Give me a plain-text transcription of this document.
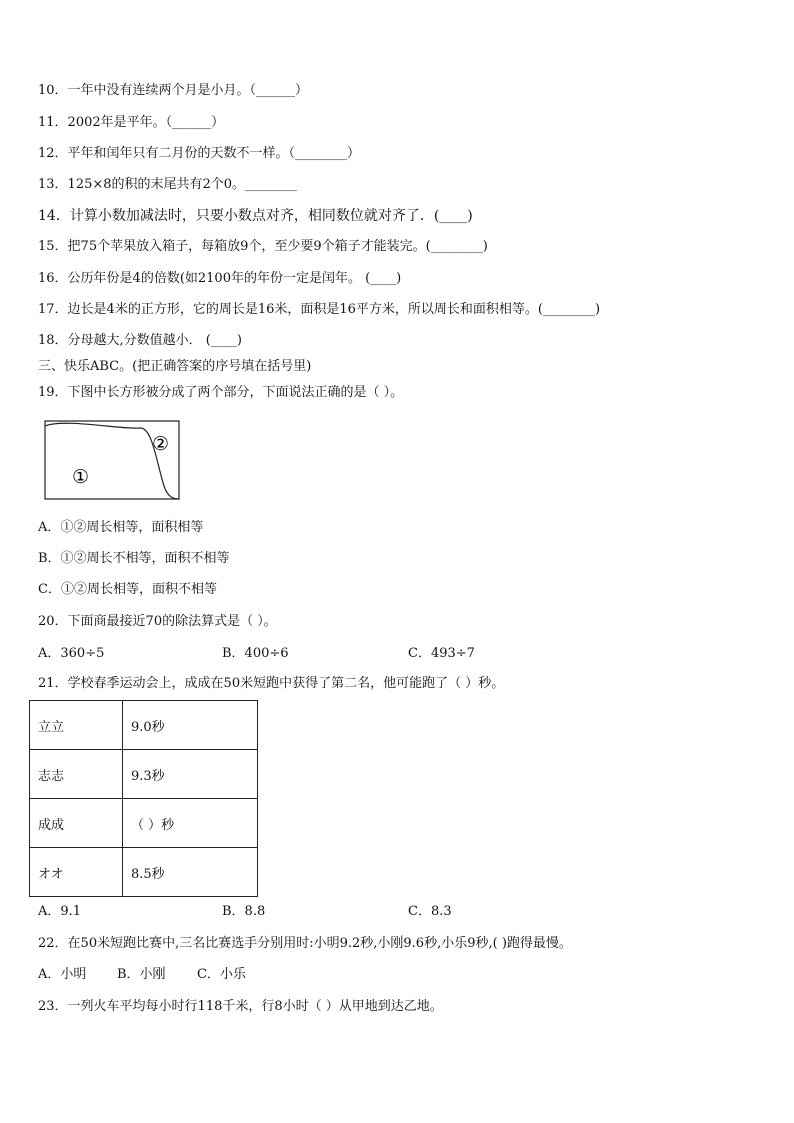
10．一年中没有连续两个月是小月。（______）
11．2002年是平年。（______）
12．平年和闰年只有二月份的天数不一样。（________）
13．125×8的积的末尾共有2个0。________
14．计算小数加减法时，只要小数点对齐，相同数位就对齐了．(____)
15．把75个苹果放入箱子，每箱放9个，至少要9个箱子才能装完。(________)
16．公历年份是4的倍数(如2100年的年份一定是闰年。 (____)
17．边长是4米的正方形，它的周长是16米，面积是16平方米，所以周长和面积相等。(________)
18．分母越大,分数值越小． (____)
三、快乐ABC。(把正确答案的序号填在括号里)
19．下图中长方形被分成了两个部分，下面说法正确的是（ ）。
①
②
A．①②周长相等，面积相等
B．①②周长不相等，面积不相等
C．①②周长相等，面积不相等
20．下面商最接近70的除法算式是（ ）。
A．360÷5	B．400÷6	C．493÷7
21．学校春季运动会上，成成在50米短跑中获得了第二名，他可能跑了（ ）秒。
立立	9.0秒
志志	9.3秒
成成	（ ）秒
オオ	8.5秒
A．9.1	B．8.8	C．8.3
22．在50米短跑比赛中,三名比赛选手分别用时:小明9.2秒,小刚9.6秒,小乐9秒,( )跑得最慢。
A．小明 B．小刚 C．小乐
23．一列火车平均每小时行118千米，行8小时（ ）从甲地到达乙地。
